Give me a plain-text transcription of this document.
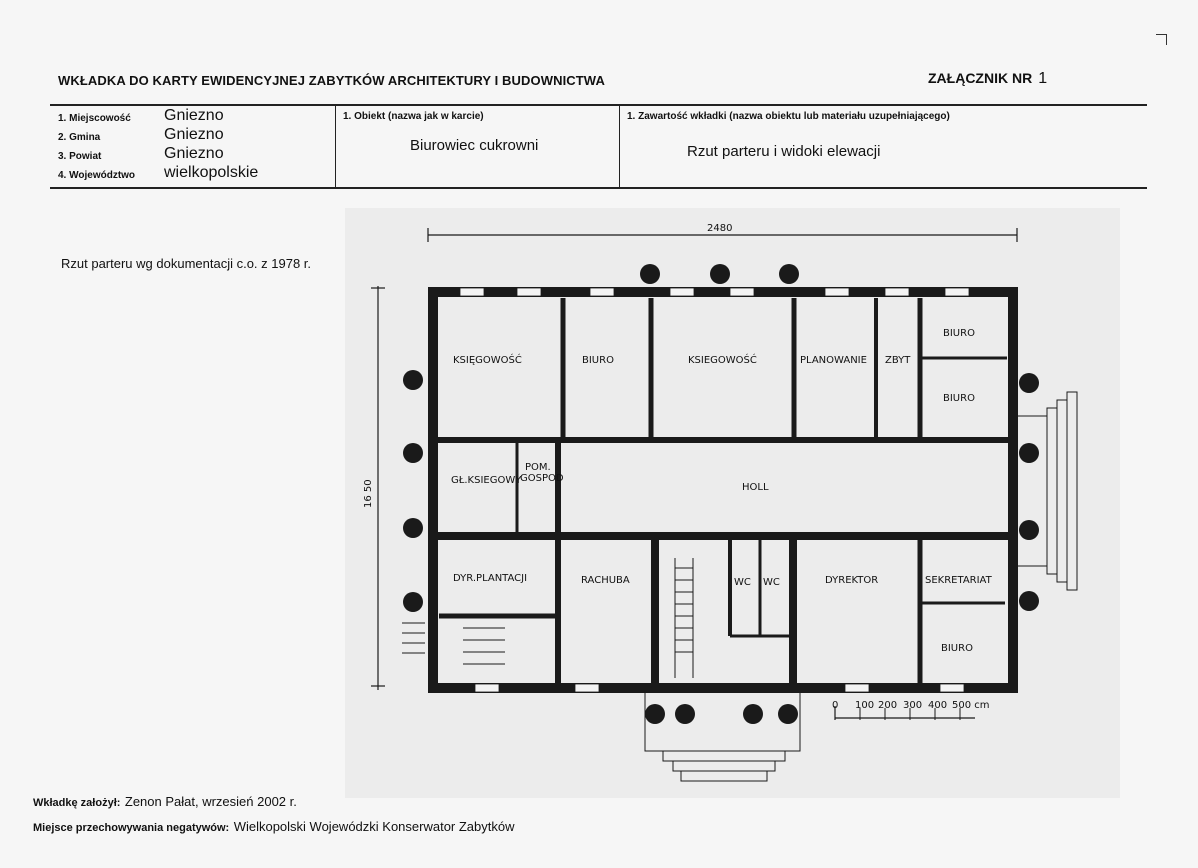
WKŁADKA DO KARTY EWIDENCYJNEJ ZABYTKÓW ARCHITEKTURY I BUDOWNICTWA	ZAŁĄCZNIK NR 1
1. Miejscowość Gniezno
2. Gmina	Gniezno
3. Powiat	Gniezno
4. Województwo wielkopolskie
1. Obiekt (nazwa jak w karcie)
Biurowiec cukrowni
1. Zawartość wkładki (nazwa obiektu lub materiału uzupełniającego)
Rzut parteru i widoki elewacji
Rzut parteru wg dokumentacji c.o. z 1978 r.
2480
16 50
0 100 200 300 400 500 cm
KSIĘGOWOŚĆ	BIURO	KSIEGOWOŚĆ	PLANOWANIE ZBYT
BIURO
BIURO
GŁ.KSIEGOWY
POM.
GOSPOD
HOLL
DYR.PLANTACJI	RACHUBA	WC WC	DYREKTOR	SEKRETARIAT
BIURO
Wkładkę założył: Zenon Pałat, wrzesień 2002 r.
Miejsce przechowywania negatywów: Wielkopolski Wojewódzki Konserwator Zabytków
